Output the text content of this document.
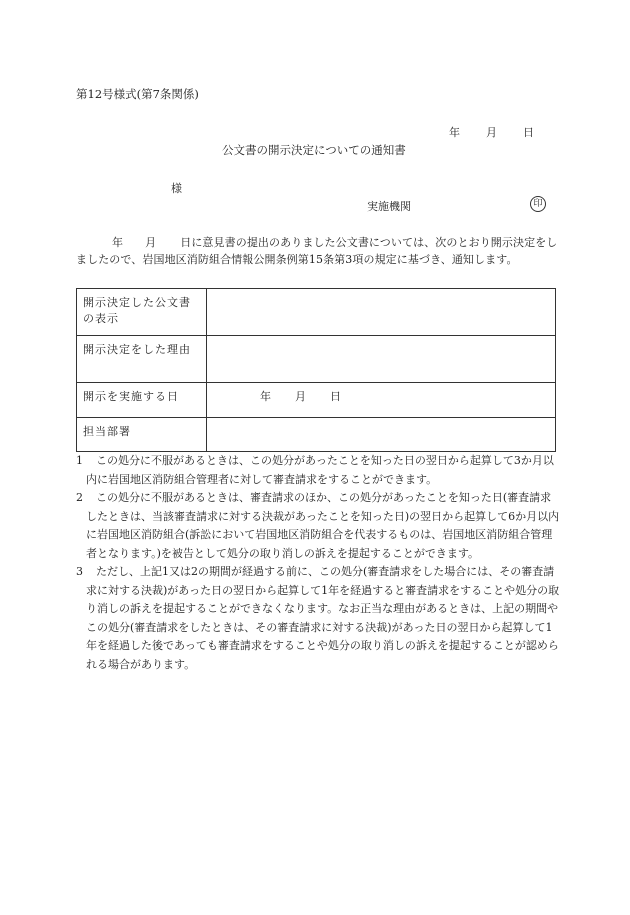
第12号様式(第7条関係)
年 月 日
公文書の開示決定についての通知書
様
実施機関	印
年 月 日に意見書の提出のありました公文書については、次のとおり開示決定をしましたので、岩国地区消防組合情報公開条例第15条第3項の規定に基づき、通知します。
開示決定した公文書の表示	
開示決定をした理由	
開示を実施する日	年 月 日
担当部署	

1	この処分に不服があるときは、この処分があったことを知った日の翌日から起算して3か月以内に岩国地区消防組合管理者に対して審査請求をすることができます。

2	この処分に不服があるときは、審査請求のほか、この処分があったことを知った日(審査請求したときは、当該審査請求に対する決裁があったことを知った日)の翌日から起算して6か月以内に岩国地区消防組合(訴訟において岩国地区消防組合を代表するものは、岩国地区消防組合管理者となります。)を被告として処分の取り消しの訴えを提起することができます。

3	ただし、上記1又は2の期間が経過する前に、この処分(審査請求をした場合には、その審査請求に対する決裁)があった日の翌日から起算して1年を経過すると審査請求をすることや処分の取り消しの訴えを提起することができなくなります。なお正当な理由があるときは、上記の期間やこの処分(審査請求をしたときは、その審査請求に対する決裁)があった日の翌日から起算して1年を経過した後であっても審査請求をすることや処分の取り消しの訴えを提起することが認められる場合があります。
